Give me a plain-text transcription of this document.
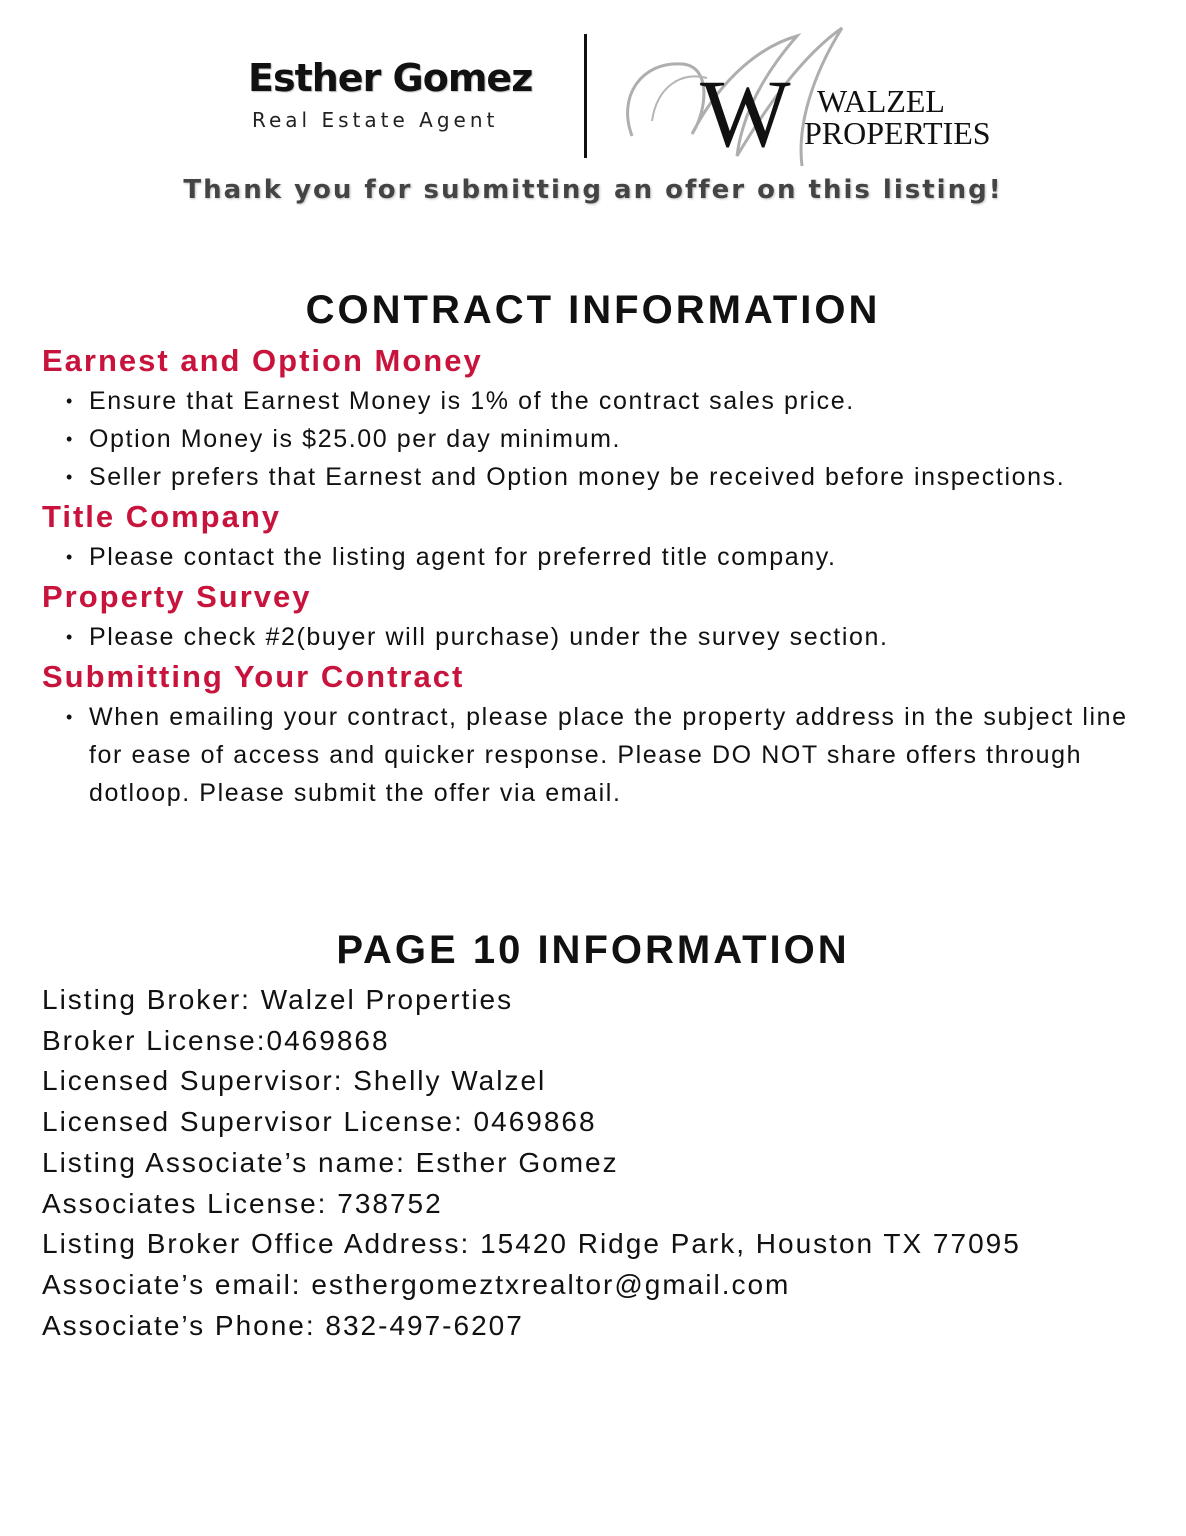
Esther Gomez
Real Estate Agent W WALZEL
PROPERTIES
Thank you for submitting an offer on this listing!
CONTRACT INFORMATION
Earnest and Option Money
• Ensure that Earnest Money is 1% of the contract sales price.
• Option Money is $25.00 per day minimum.
• Seller prefers that Earnest and Option money be received before inspections.
Title Company
• Please contact the listing agent for preferred title company.
Property Survey
• Please check #2(buyer will purchase) under the survey section.
Submitting Your Contract
• When emailing your contract, please place the property address in the subject line for ease of access and quicker response. Please DO NOT share offers through dotloop. Please submit the offer via email.
PAGE 10 INFORMATION
Listing Broker: Walzel Properties
Broker License:0469868
Licensed Supervisor: Shelly Walzel
Licensed Supervisor License: 0469868
Listing Associate’s name: Esther Gomez
Associates License: 738752
Listing Broker Office Address: 15420 Ridge Park, Houston TX 77095
Associate’s email: esthergomeztxrealtor@gmail.com
Associate’s Phone: 832-497-6207
